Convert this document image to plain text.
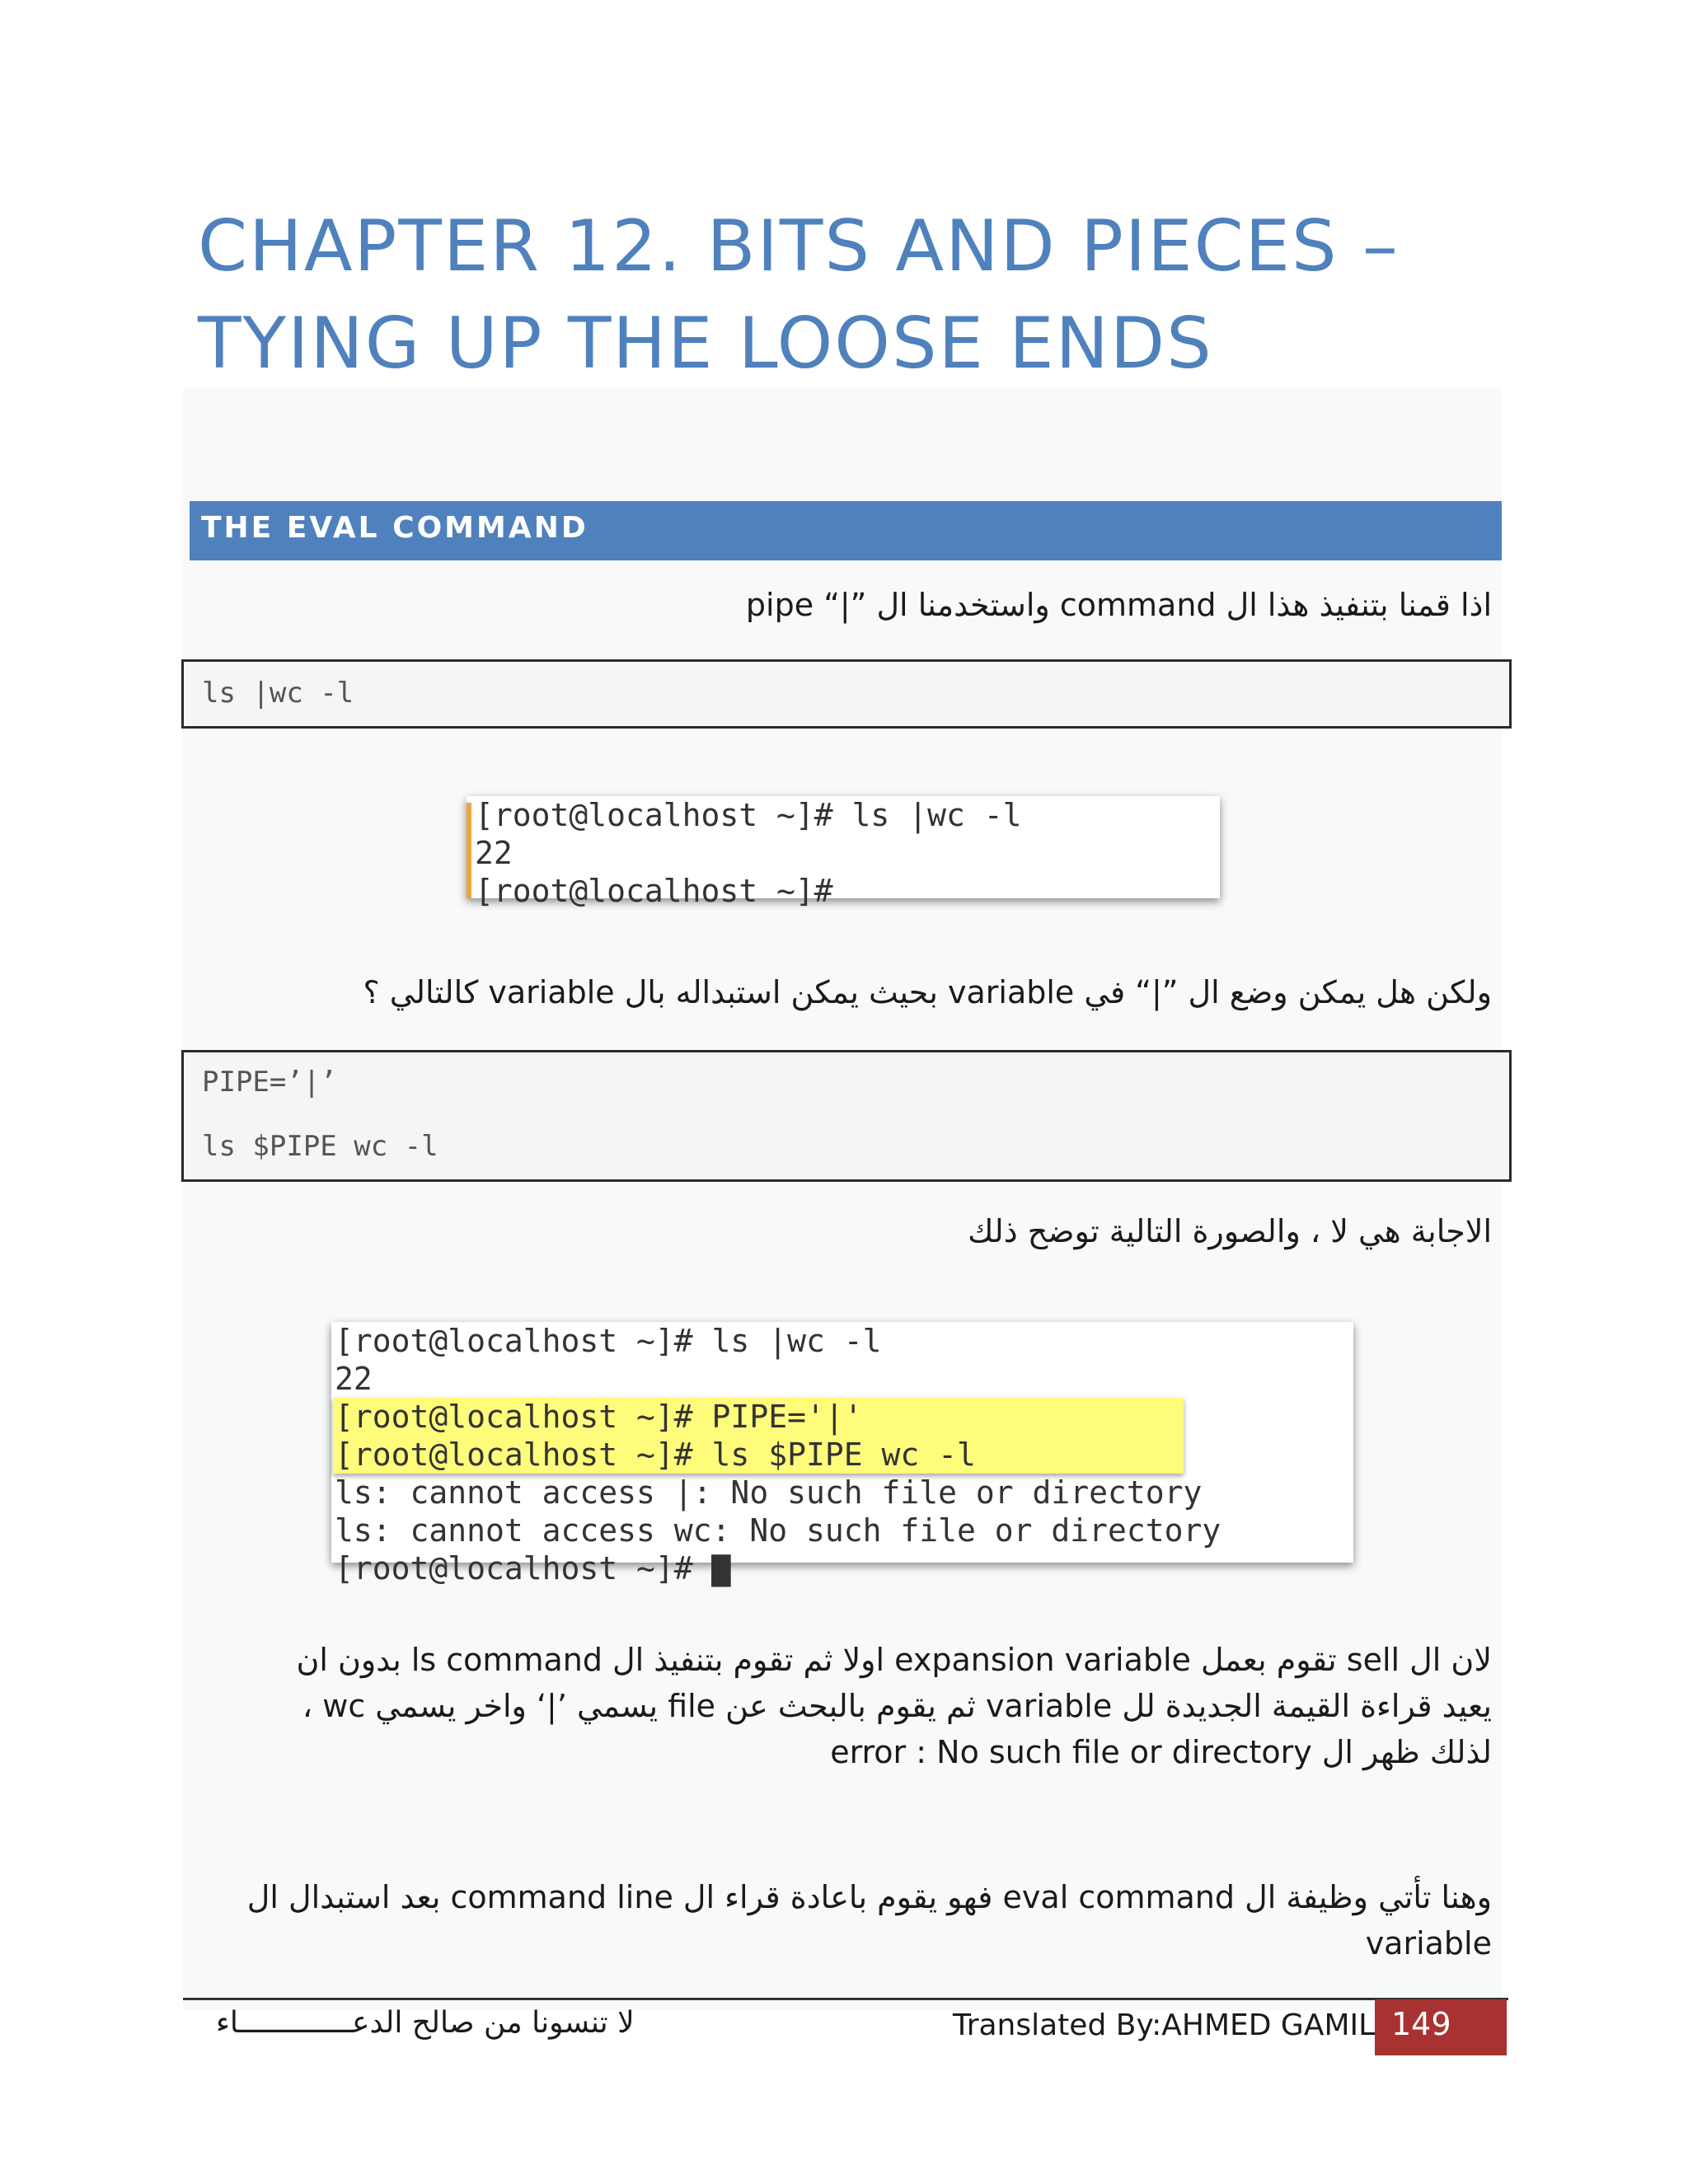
CHAPTER 12. BITS AND PIECES –
TYING UP THE LOOSE ENDS
THE EVAL COMMAND
اذا قمنا بتنفيذ هذا ال command واستخدمنا ال ”|“ pipe
ls |wc -l
[root@localhost ~]# ls |wc -l
22
[root@localhost ~]#
ولكن هل يمكن وضع ال ”|“ في variable بحيث يمكن استبداله بال variable كالتالي ؟
PIPE=’|’
ls $PIPE wc -l
الاجابة هي لا ، والصورة التالية توضح ذلك
[root@localhost ~]# ls |wc -l
22
[root@localhost ~]# PIPE='|'
[root@localhost ~]# ls $PIPE wc -l
ls: cannot access |: No such file or directory
ls: cannot access wc: No such file or directory
[root@localhost ~]# ▇
لان ال sell تقوم بعمل expansion variable اولا ثم تقوم بتنفيذ ال ls command بدون ان
يعيد قراءة القيمة الجديدة لل variable ثم يقوم بالبحث عن file يسمي ’|‘ واخر يسمي wc ،
لذلك ظهر ال error : No such file or directory
وهنا تأتي وظيفة ال eval command فهو يقوم باعادة قراء ال command line بعد استبدال ال
variable
لا تنسونا من صالح الدعـــــــــــــاء	Translated By:AHMED GAMIL 149
